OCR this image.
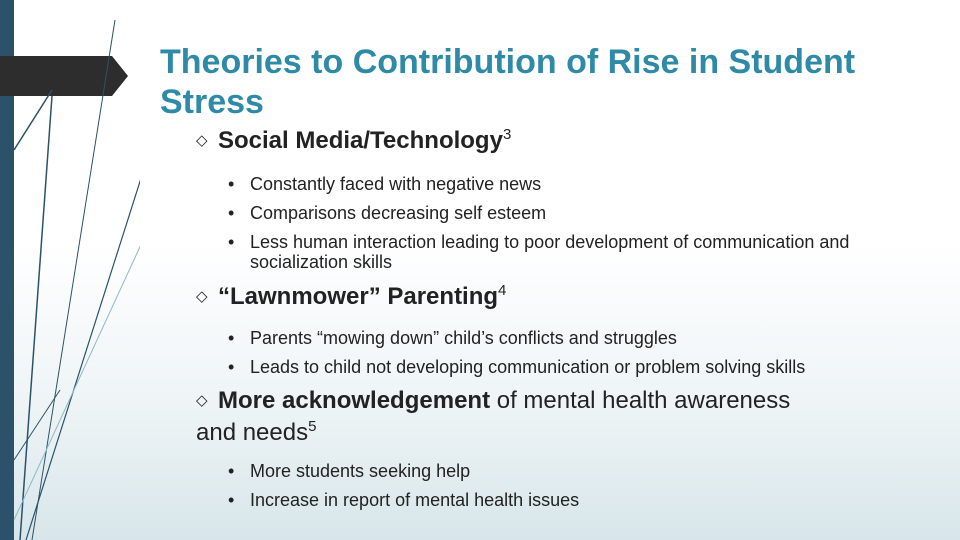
Theories to Contribution of Rise in Student Stress

◇ Social Media/Technology$^3$

• Constantly faced with negative news
• Comparisons decreasing self esteem
• Less human interaction leading to poor development of communication and socialization skills

◇ “Lawnmower” Parenting$^4$

• Parents “mowing down” child’s conflicts and struggles
• Leads to child not developing communication or problem solving skills

◇ More acknowledgement of mental health awareness
and needs$^5$

• More students seeking help
• Increase in report of mental health issues
